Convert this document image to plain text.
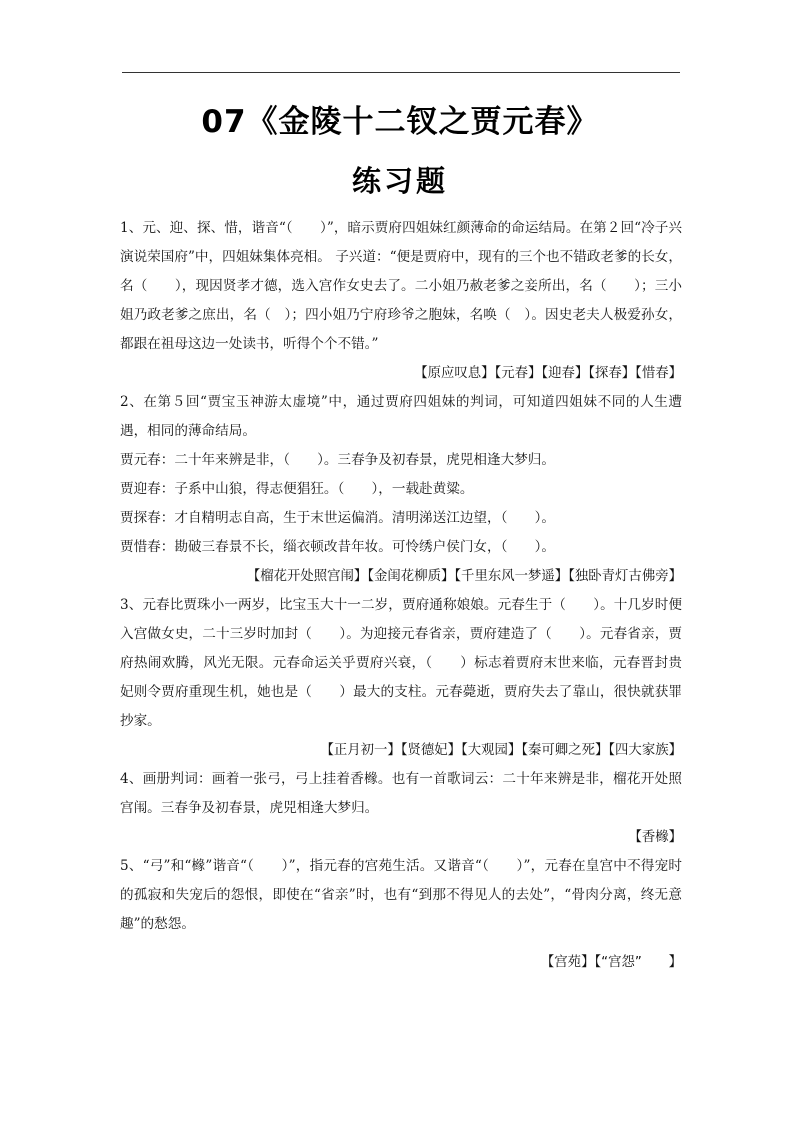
07《金陵十二钗之贾元春》
练习题

1、元、迎、探、惜，谐音“（　　）”，暗示贾府四姐妹红颜薄命的命运结局。在第２回“冷子兴演说荣国府”中，四姐妹集体亮相。 子兴道：“便是贾府中，现有的三个也不错政老爹的长女，名（　　），现因贤孝才德，选入宫作女史去了。二小姐乃赦老爹之妾所出，名（　　）；三小姐乃政老爹之庶出，名（　）；四小姐乃宁府珍爷之胞妹，名唤（　）。因史老夫人极爱孙女，都跟在祖母这边一处读书，听得个个不错。”

【原应叹息】【元春】【迎春】【探春】【惜春】

2、在第５回“贾宝玉神游太虚境”中，通过贾府四姐妹的判词，可知道四姐妹不同的人生遭遇，相同的薄命结局。

贾元春：二十年来辨是非，（　　）。三春争及初春景，虎兕相逢大梦归。

贾迎春：子系中山狼，得志便猖狂。（　　），一载赴黄粱。

贾探春：才自精明志自高，生于末世运偏消。清明涕送江边望，（　　）。

贾惜春：勘破三春景不长，缁衣顿改昔年妆。可怜绣户侯门女，（　　）。

【榴花开处照宫闱】【金闺花柳质】【千里东风一梦遥】【独卧青灯古佛旁】

3、元春比贾珠小一两岁，比宝玉大十一二岁，贾府通称娘娘。元春生于（　　）。十几岁时便入宫做女史，二十三岁时加封（　　）。为迎接元春省亲，贾府建造了（　　）。元春省亲，贾府热闹欢腾，风光无限。元春命运关乎贾府兴衰，（　　）标志着贾府末世来临，元春晋封贵妃则令贾府重现生机，她也是（　　）最大的支柱。元春薨逝，贾府失去了靠山，很快就获罪抄家。

【正月初一】【贤德妃】【大观园】【秦可卿之死】【四大家族】

4、画册判词：画着一张弓，弓上挂着香橼。也有一首歌词云：二十年来辨是非，榴花开处照宫闱。三春争及初春景，虎兕相逢大梦归。

【香橼】

5、“弓”和“橼”谐音“（　　）”，指元春的宫苑生活。又谐音“（　　）”，元春在皇宫中不得宠时的孤寂和失宠后的怨恨，即使在“省亲”时，也有“到那不得见人的去处”，“骨肉分离，终无意趣”的愁怨。

【宫苑】【“宫怨”　　】
